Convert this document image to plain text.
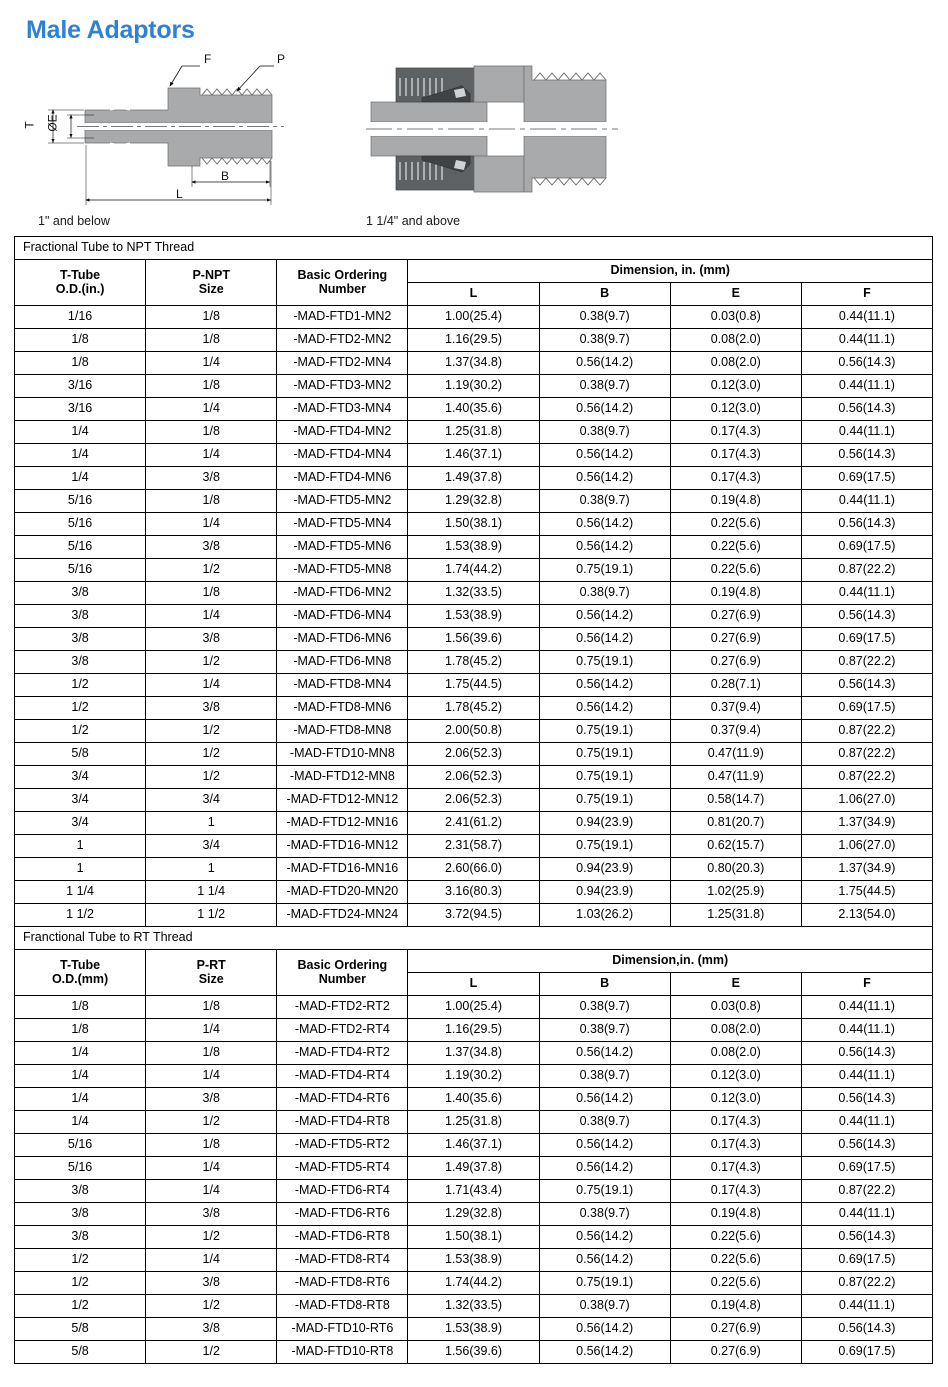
Male Adaptors
F	P
T ØE
B
L
1" and below	1 1/4" and above
Fractional Tube to NPT Thread						

T-Tube
O.D.(in.)

P-NPT
Size

Basic Ordering
Number
	Dimension, in. (mm)
			L	B	E	F
1/16	1/8	-MAD-FTD1-MN2	1.00(25.4)	0.38(9.7)	0.03(0.8)	0.44(11.1)
1/8	1/8	-MAD-FTD2-MN2	1.16(29.5)	0.38(9.7)	0.08(2.0)	0.44(11.1)
1/8	1/4	-MAD-FTD2-MN4	1.37(34.8)	0.56(14.2)	0.08(2.0)	0.56(14.3)
3/16	1/8	-MAD-FTD3-MN2	1.19(30.2)	0.38(9.7)	0.12(3.0)	0.44(11.1)
3/16	1/4	-MAD-FTD3-MN4	1.40(35.6)	0.56(14.2)	0.12(3.0)	0.56(14.3)
1/4	1/8	-MAD-FTD4-MN2	1.25(31.8)	0.38(9.7)	0.17(4.3)	0.44(11.1)
1/4	1/4	-MAD-FTD4-MN4	1.46(37.1)	0.56(14.2)	0.17(4.3)	0.56(14.3)
1/4	3/8	-MAD-FTD4-MN6	1.49(37.8)	0.56(14.2)	0.17(4.3)	0.69(17.5)
5/16	1/8	-MAD-FTD5-MN2	1.29(32.8)	0.38(9.7)	0.19(4.8)	0.44(11.1)
5/16	1/4	-MAD-FTD5-MN4	1.50(38.1)	0.56(14.2)	0.22(5.6)	0.56(14.3)
5/16	3/8	-MAD-FTD5-MN6	1.53(38.9)	0.56(14.2)	0.22(5.6)	0.69(17.5)
5/16	1/2	-MAD-FTD5-MN8	1.74(44.2)	0.75(19.1)	0.22(5.6)	0.87(22.2)
3/8	1/8	-MAD-FTD6-MN2	1.32(33.5)	0.38(9.7)	0.19(4.8)	0.44(11.1)
3/8	1/4	-MAD-FTD6-MN4	1.53(38.9)	0.56(14.2)	0.27(6.9)	0.56(14.3)
3/8	3/8	-MAD-FTD6-MN6	1.56(39.6)	0.56(14.2)	0.27(6.9)	0.69(17.5)
3/8	1/2	-MAD-FTD6-MN8	1.78(45.2)	0.75(19.1)	0.27(6.9)	0.87(22.2)
1/2	1/4	-MAD-FTD8-MN4	1.75(44.5)	0.56(14.2)	0.28(7.1)	0.56(14.3)
1/2	3/8	-MAD-FTD8-MN6	1.78(45.2)	0.56(14.2)	0.37(9.4)	0.69(17.5)
1/2	1/2	-MAD-FTD8-MN8	2.00(50.8)	0.75(19.1)	0.37(9.4)	0.87(22.2)
5/8	1/2	-MAD-FTD10-MN8	2.06(52.3)	0.75(19.1)	0.47(11.9)	0.87(22.2)
3/4	1/2	-MAD-FTD12-MN8	2.06(52.3)	0.75(19.1)	0.47(11.9)	0.87(22.2)
3/4	3/4	-MAD-FTD12-MN12	2.06(52.3)	0.75(19.1)	0.58(14.7)	1.06(27.0)
3/4	1	-MAD-FTD12-MN16	2.41(61.2)	0.94(23.9)	0.81(20.7)	1.37(34.9)
1	3/4	-MAD-FTD16-MN12	2.31(58.7)	0.75(19.1)	0.62(15.7)	1.06(27.0)
1	1	-MAD-FTD16-MN16	2.60(66.0)	0.94(23.9)	0.80(20.3)	1.37(34.9)
1 1/4	1 1/4	-MAD-FTD20-MN20	3.16(80.3)	0.94(23.9)	1.02(25.9)	1.75(44.5)
1 1/2	1 1/2	-MAD-FTD24-MN24	3.72(94.5)	1.03(26.2)	1.25(31.8)	2.13(54.0)
Franctional Tube to RT Thread						

T-Tube
O.D.(mm)

P-RT
Size

Basic Ordering
Number
	Dimension,in. (mm)
			L	B	E	F
1/8	1/8	-MAD-FTD2-RT2	1.00(25.4)	0.38(9.7)	0.03(0.8)	0.44(11.1)
1/8	1/4	-MAD-FTD2-RT4	1.16(29.5)	0.38(9.7)	0.08(2.0)	0.44(11.1)
1/4	1/8	-MAD-FTD4-RT2	1.37(34.8)	0.56(14.2)	0.08(2.0)	0.56(14.3)
1/4	1/4	-MAD-FTD4-RT4	1.19(30.2)	0.38(9.7)	0.12(3.0)	0.44(11.1)
1/4	3/8	-MAD-FTD4-RT6	1.40(35.6)	0.56(14.2)	0.12(3.0)	0.56(14.3)
1/4	1/2	-MAD-FTD4-RT8	1.25(31.8)	0.38(9.7)	0.17(4.3)	0.44(11.1)
5/16	1/8	-MAD-FTD5-RT2	1.46(37.1)	0.56(14.2)	0.17(4.3)	0.56(14.3)
5/16	1/4	-MAD-FTD5-RT4	1.49(37.8)	0.56(14.2)	0.17(4.3)	0.69(17.5)
3/8	1/4	-MAD-FTD6-RT4	1.71(43.4)	0.75(19.1)	0.17(4.3)	0.87(22.2)
3/8	3/8	-MAD-FTD6-RT6	1.29(32.8)	0.38(9.7)	0.19(4.8)	0.44(11.1)
3/8	1/2	-MAD-FTD6-RT8	1.50(38.1)	0.56(14.2)	0.22(5.6)	0.56(14.3)
1/2	1/4	-MAD-FTD8-RT4	1.53(38.9)	0.56(14.2)	0.22(5.6)	0.69(17.5)
1/2	3/8	-MAD-FTD8-RT6	1.74(44.2)	0.75(19.1)	0.22(5.6)	0.87(22.2)
1/2	1/2	-MAD-FTD8-RT8	1.32(33.5)	0.38(9.7)	0.19(4.8)	0.44(11.1)
5/8	3/8	-MAD-FTD10-RT6	1.53(38.9)	0.56(14.2)	0.27(6.9)	0.56(14.3)
5/8	1/2	-MAD-FTD10-RT8	1.56(39.6)	0.56(14.2)	0.27(6.9)	0.69(17.5)
